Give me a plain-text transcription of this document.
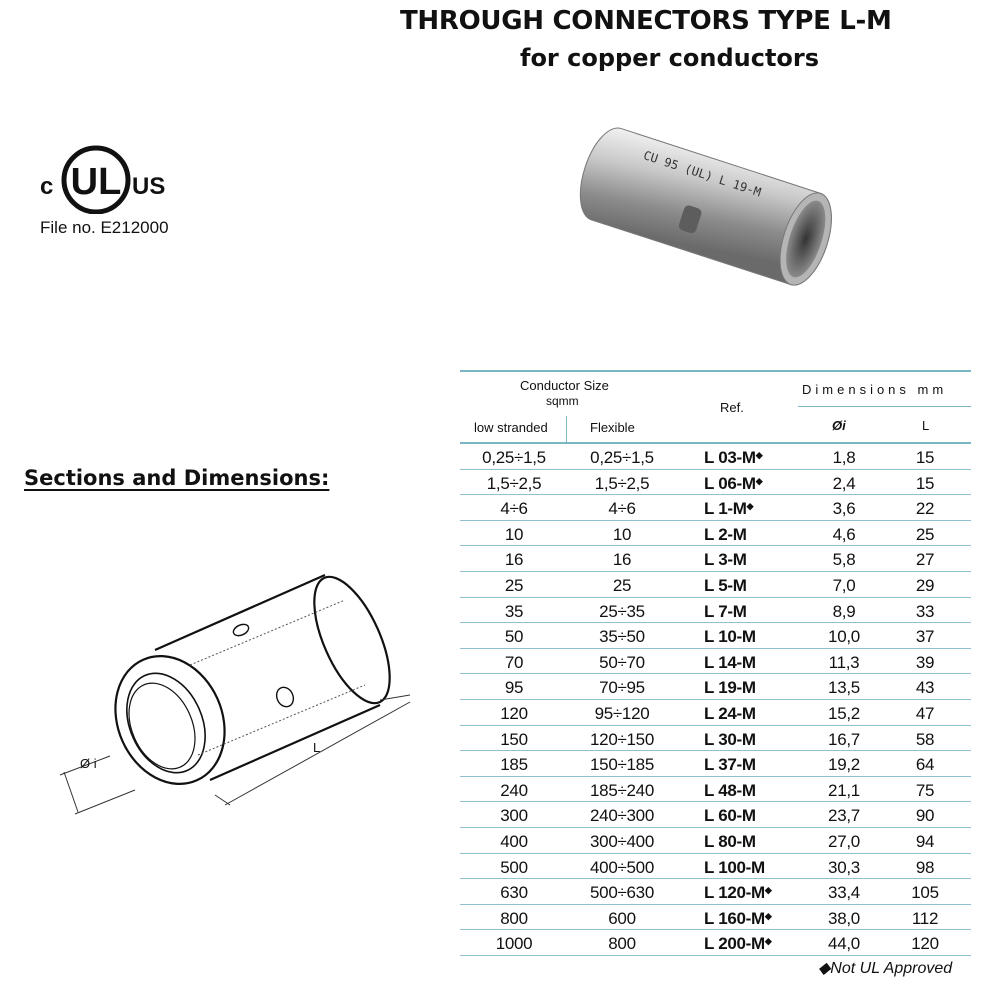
THROUGH CONNECTORS TYPE L-M
for copper conductors
c UL US
File no. E212000
CU 95 (UL) L 19-M
Sections and Dimensions:
Ø i
L
Conductor Size
sqmm	Ref.
Dimensions mm
low stranded	Flexible	Øi	L
0,25÷1,5	0,25÷1,5	L 03-M◆	1,8	15
1,5÷2,5	1,5÷2,5	L 06-M◆	2,4	15
4÷6	4÷6	L 1-M◆	3,6	22
10	10	L 2-M	4,6	25
16	16	L 3-M	5,8	27
25	25	L 5-M	7,0	29
35	25÷35	L 7-M	8,9	33
50	35÷50	L 10-M	10,0	37
70	50÷70	L 14-M	11,3	39
95	70÷95	L 19-M	13,5	43
120	95÷120	L 24-M	15,2	47
150	120÷150	L 30-M	16,7	58
185	150÷185	L 37-M	19,2	64
240	185÷240	L 48-M	21,1	75
300	240÷300	L 60-M	23,7	90
400	300÷400	L 80-M	27,0	94
500	400÷500	L 100-M	30,3	98
630	500÷630	L 120-M◆	33,4	105
800	600	L 160-M◆	38,0	112
1000	800	L 200-M◆	44,0	120
◆Not UL Approved
